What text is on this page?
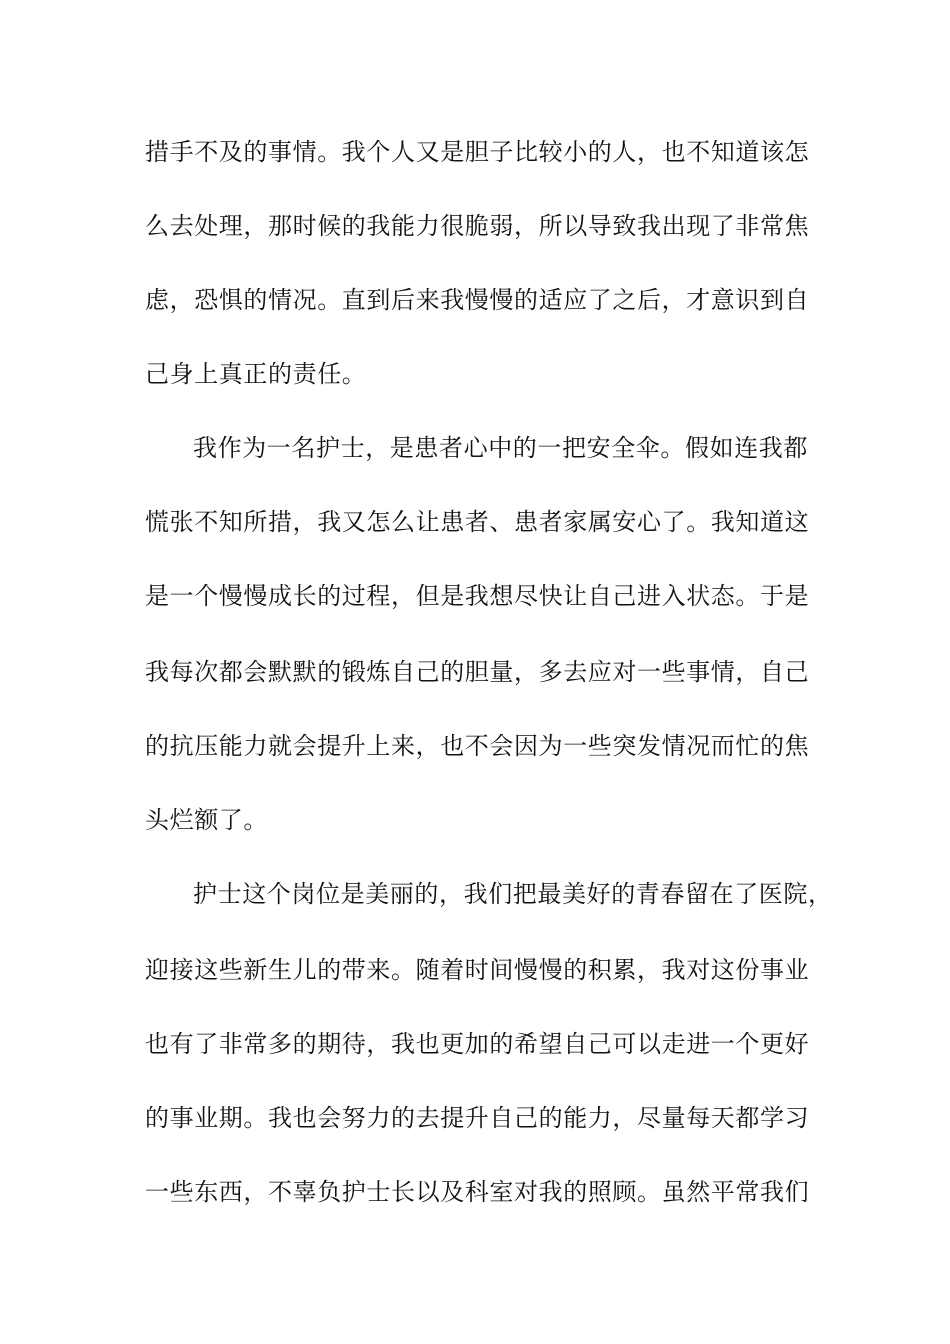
措手不及的事情。我个人又是胆子比较小的人，也不知道该怎

么去处理，那时候的我能力很脆弱，所以导致我出现了非常焦

虑，恐惧的情况。直到后来我慢慢的适应了之后，才意识到自

己身上真正的责任。

我作为一名护士，是患者心中的一把安全伞。假如连我都

慌张不知所措，我又怎么让患者、患者家属安心了。我知道这

是一个慢慢成长的过程，但是我想尽快让自己进入状态。于是

我每次都会默默的锻炼自己的胆量，多去应对一些事情，自己

的抗压能力就会提升上来，也不会因为一些突发情况而忙的焦

头烂额了。

护士这个岗位是美丽的，我们把最美好的青春留在了医院，

迎接这些新生儿的带来。随着时间慢慢的积累，我对这份事业

也有了非常多的期待，我也更加的希望自己可以走进一个更好

的事业期。我也会努力的去提升自己的能力，尽量每天都学习

一些东西，不辜负护士长以及科室对我的照顾。虽然平常我们
